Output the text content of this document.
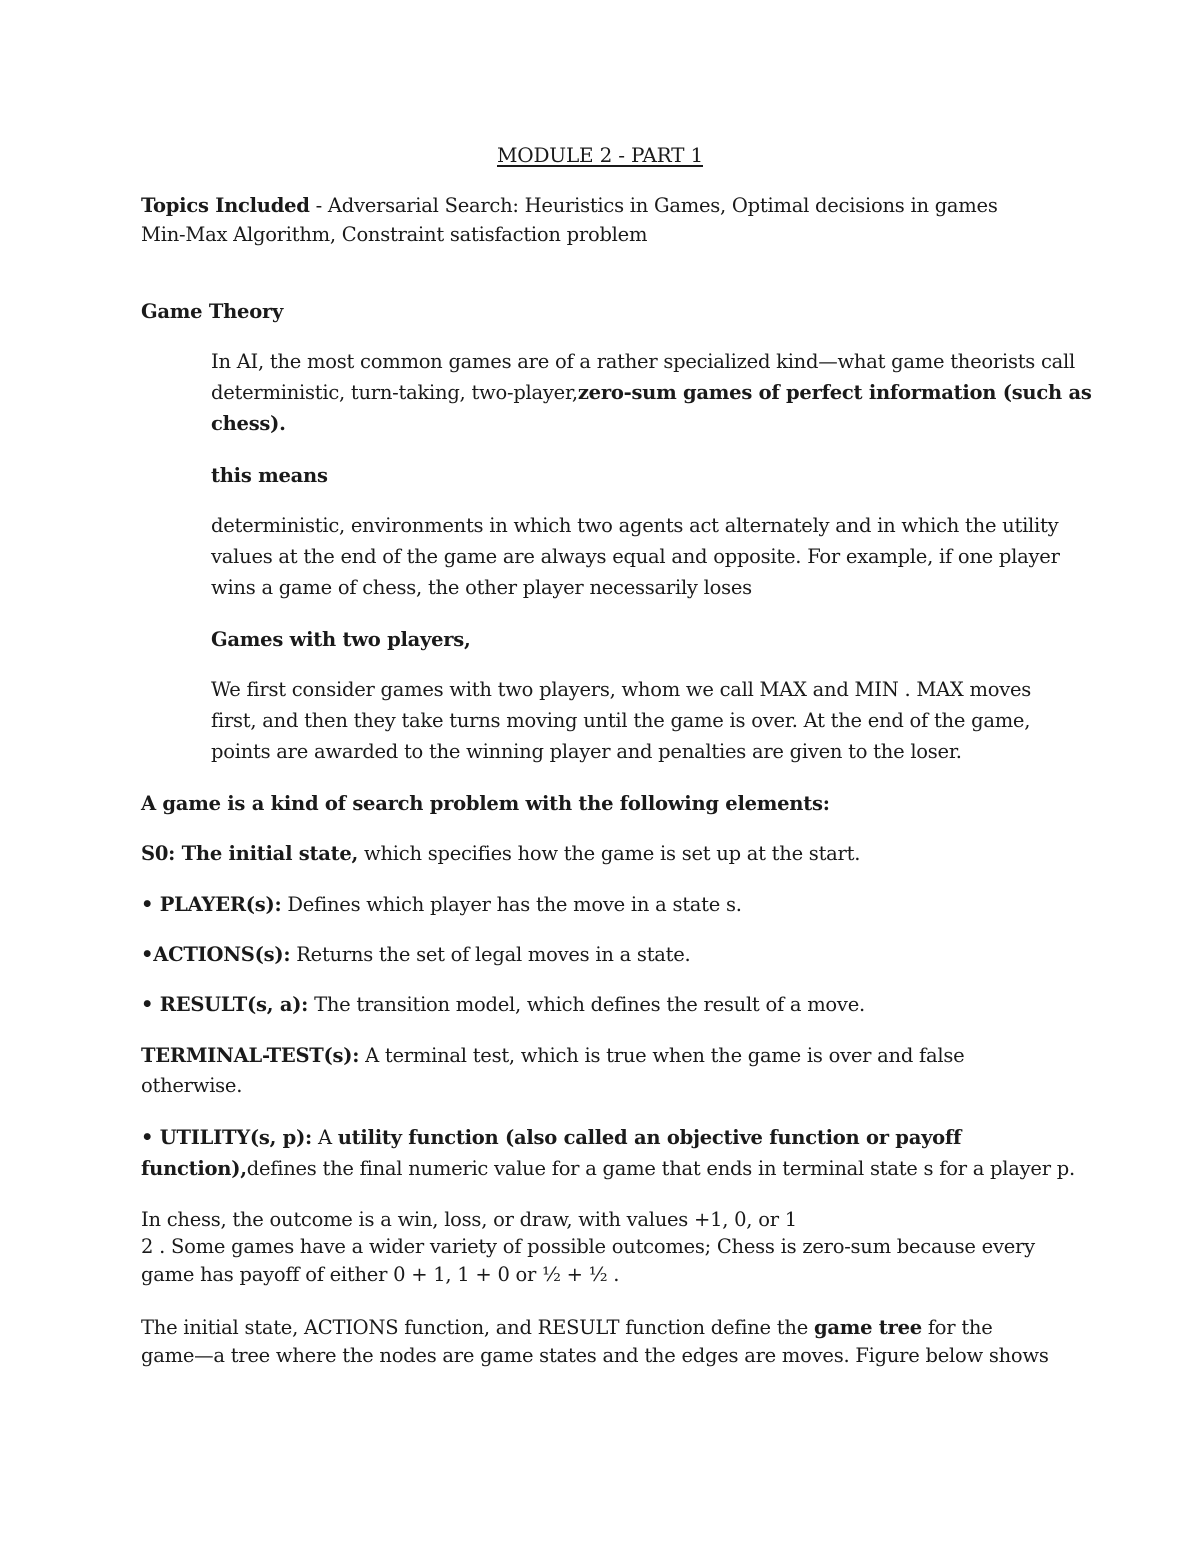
MODULE 2 - PART 1
Topics Included - Adversarial Search: Heuristics in Games, Optimal decisions in games
Min-Max Algorithm, Constraint satisfaction problem
Game Theory
In AI, the most common games are of a rather specialized kind—what game theorists call
deterministic, turn-taking, two-player,zero-sum games of perfect information (such as
chess).
this means
deterministic, environments in which two agents act alternately and in which the utility
values at the end of the game are always equal and opposite. For example, if one player
wins a game of chess, the other player necessarily loses
Games with two players,
We first consider games with two players, whom we call MAX and MIN . MAX moves
first, and then they take turns moving until the game is over. At the end of the game,
points are awarded to the winning player and penalties are given to the loser.
A game is a kind of search problem with the following elements:
S0: The initial state, which specifies how the game is set up at the start.
• PLAYER(s): Defines which player has the move in a state s.
•ACTIONS(s): Returns the set of legal moves in a state.
• RESULT(s, a): The transition model, which defines the result of a move.
TERMINAL-TEST(s): A terminal test, which is true when the game is over and false
otherwise.
• UTILITY(s, p): A utility function (also called an objective function or payoff
function),defines the final numeric value for a game that ends in terminal state s for a player p.
In chess, the outcome is a win, loss, or draw, with values +1, 0, or 1
2 . Some games have a wider variety of possible outcomes; Chess is zero-sum because every
game has payoff of either 0 + 1, 1 + 0 or ½ + ½ .
The initial state, ACTIONS function, and RESULT function define the game tree for the
game—a tree where the nodes are game states and the edges are moves. Figure below shows
